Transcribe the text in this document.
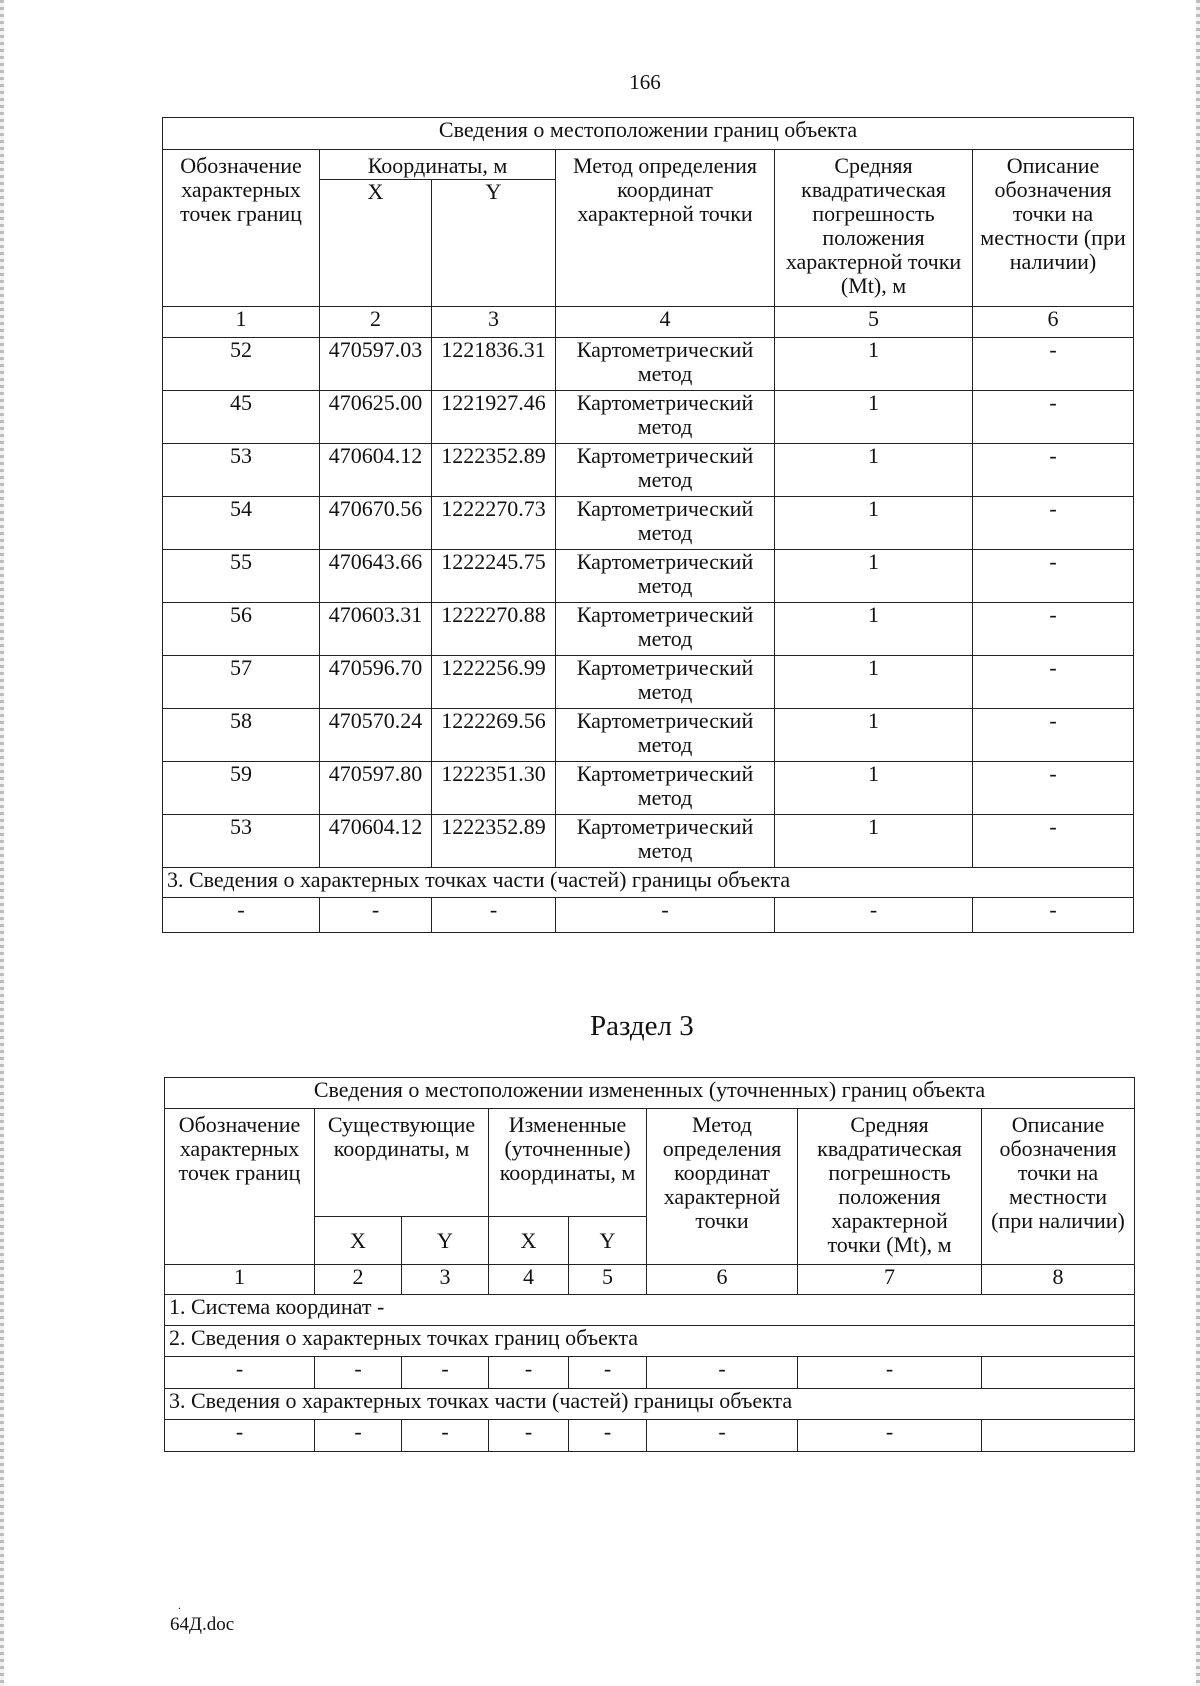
166
Сведения о местоположении границ объекта					
Обозначение характерных точек границ	Координаты, м		Метод определения координат характерной точки	Средняя квадратическая погрешность положения характерной точки (Mt), м	Описание обозначения точки на местности (при наличии)
	X	Y			
1	2	3	4	5	6
52	470597.03	1221836.31	Картометрический метод	1	-
45	470625.00	1221927.46	Картометрический метод	1	-
53	470604.12	1222352.89	Картометрический метод	1	-
54	470670.56	1222270.73	Картометрический метод	1	-
55	470643.66	1222245.75	Картометрический метод	1	-
56	470603.31	1222270.88	Картометрический метод	1	-
57	470596.70	1222256.99	Картометрический метод	1	-
58	470570.24	1222269.56	Картометрический метод	1	-
59	470597.80	1222351.30	Картометрический метод	1	-
53	470604.12	1222352.89	Картометрический метод	1	-
3. Сведения о характерных точках части (частей) границы объекта					
-	-	-	-	-	-
Раздел 3
Сведения о местоположении измененных (уточненных) границ объекта							
Обозначение характерных точек границ	Существующие координаты, м		Измененные (уточненные) координаты, м		Метод определения координат характерной точки	Средняя квадратическая погрешность положения характерной точки (Mt), м	Описание обозначения точки на местности (при наличии)
	X	Y	X	Y			
1	2	3	4	5	6	7	8
1. Система координат -							
2. Сведения о характерных точках границ объекта							
-	-	-	-	-	-	-	
3. Сведения о характерных точках части (частей) границы объекта							
-	-	-	-	-	-	-	
.
64Д.doc
